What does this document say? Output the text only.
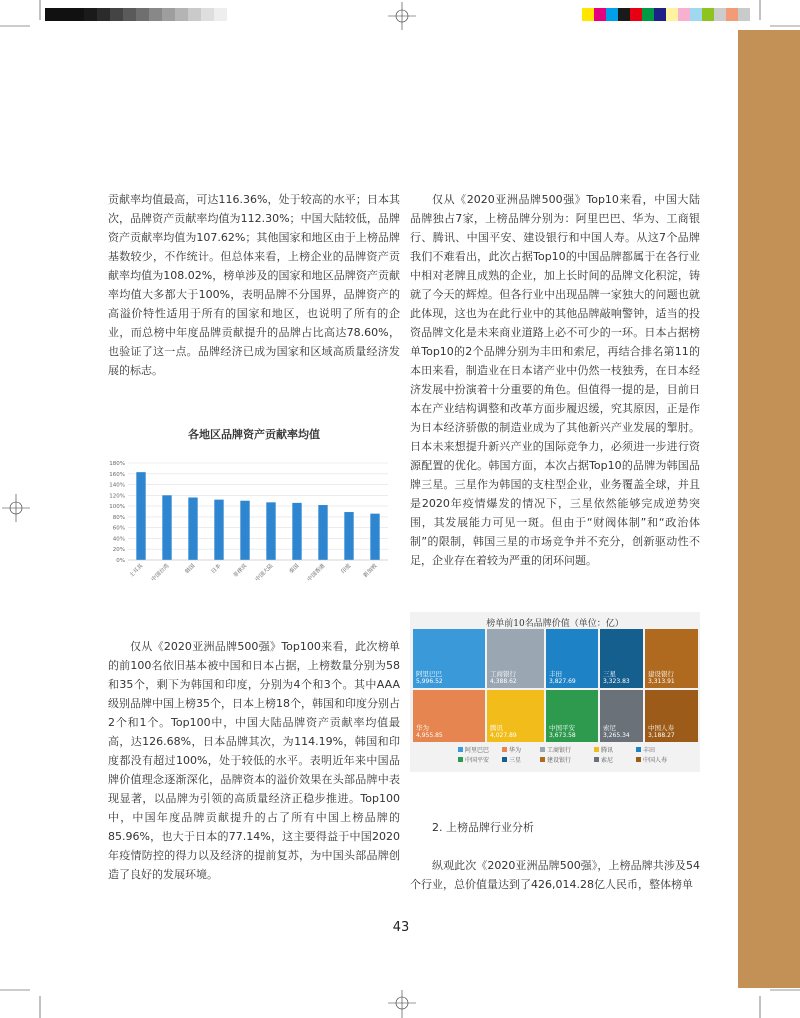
贡献率均值最高，可达116.36%，处于较高的水平；日本其次，品牌资产贡献率均值为112.30%；中国大陆较低，品牌资产贡献率均值为107.62%；其他国家和地区由于上榜品牌基数较少，不作统计。但总体来看，上榜企业的品牌资产贡献率均值为108.02%，榜单涉及的国家和地区品牌资产贡献率均值大多都大于100%，表明品牌不分国界，品牌资产的高溢价特性适用于所有的国家和地区，也说明了所有的企业，而总榜中年度品牌贡献提升的品牌占比高达78.60%，也验证了这一点。品牌经济已成为国家和区域高质量经济发展的标志。

各地区品牌资产贡献率均值
0%
20%
40%
60%
80%
100%
120%
140%
160%
180%
土耳其 中国台湾	韩国	日本 菲律宾 中国大陆	泰国 中国香港	印度 新加坡

仅从《2020亚洲品牌500强》Top100来看，此次榜单的前100名依旧基本被中国和日本占据，上榜数量分别为58和35个，剩下为韩国和印度，分别为4个和3个。其中AAA级别品牌中国上榜35个，日本上榜18个，韩国和印度分别占2个和1个。Top100中，中国大陆品牌资产贡献率均值最高，达126.68%，日本品牌其次，为114.19%，韩国和印度都没有超过100%，处于较低的水平。表明近年来中国品牌价值理念逐渐深化，品牌资本的溢价效果在头部品牌中表现显著，以品牌为引领的高质量经济正稳步推进。Top100中，中国年度品牌贡献提升的占了所有中国上榜品牌的85.96%，也大于日本的77.14%，这主要得益于中国2020年疫情防控的得力以及经济的提前复苏，为中国头部品牌创造了良好的发展环境。

仅从《2020亚洲品牌500强》Top10来看，中国大陆品牌独占7家，上榜品牌分别为：阿里巴巴、华为、工商银行、腾讯、中国平安、建设银行和中国人寿。从这7个品牌我们不难看出，此次占据Top10的中国品牌都属于在各行业中相对老牌且成熟的企业，加上长时间的品牌文化积淀，铸就了今天的辉煌。但各行业中出现品牌一家独大的问题也就此体现，这也为在此行业中的其他品牌敲响警钟，适当的投资品牌文化是未来商业道路上必不可少的一环。日本占据榜单Top10的2个品牌分别为丰田和索尼，再结合排名第11的本田来看，制造业在日本诸产业中仍然一枝独秀，在日本经济发展中扮演着十分重要的角色。但值得一提的是，目前日本在产业结构调整和改革方面步履迟缓，究其原因，正是作为日本经济骄傲的制造业成为了其他新兴产业发展的掣肘。日本未来想提升新兴产业的国际竞争力，必须进一步进行资源配置的优化。韩国方面，本次占据Top10的品牌为韩国品牌三星。三星作为韩国的支柱型企业，业务覆盖全球，并且是2020年疫情爆发的情况下，三星依然能够完成逆势突围，其发展能力可见一斑。但由于“财阀体制”和“政治体制”的限制，韩国三星的市场竞争并不充分，创新驱动性不足，企业存在着较为严重的闭环问题。

榜单前10名品牌价值（单位：亿）
阿里巴巴
5,996.52
工商银行
4,388.62
丰田
3,827.69
三星
3,323.83
建设银行
3,313.91
华为
4,955.85
腾讯
4,027.89
中国平安
3,673.58
索尼
3,265.34
中国人寿
3,188.27
阿里巴巴	华为	工商银行	腾讯	丰田
中国平安	三星	建设银行	索尼	中国人寿

2. 上榜品牌行业分析

纵观此次《2020亚洲品牌500强》，上榜品牌共涉及54个行业，总价值量达到了426,014.28亿人民币，整体榜单

43
